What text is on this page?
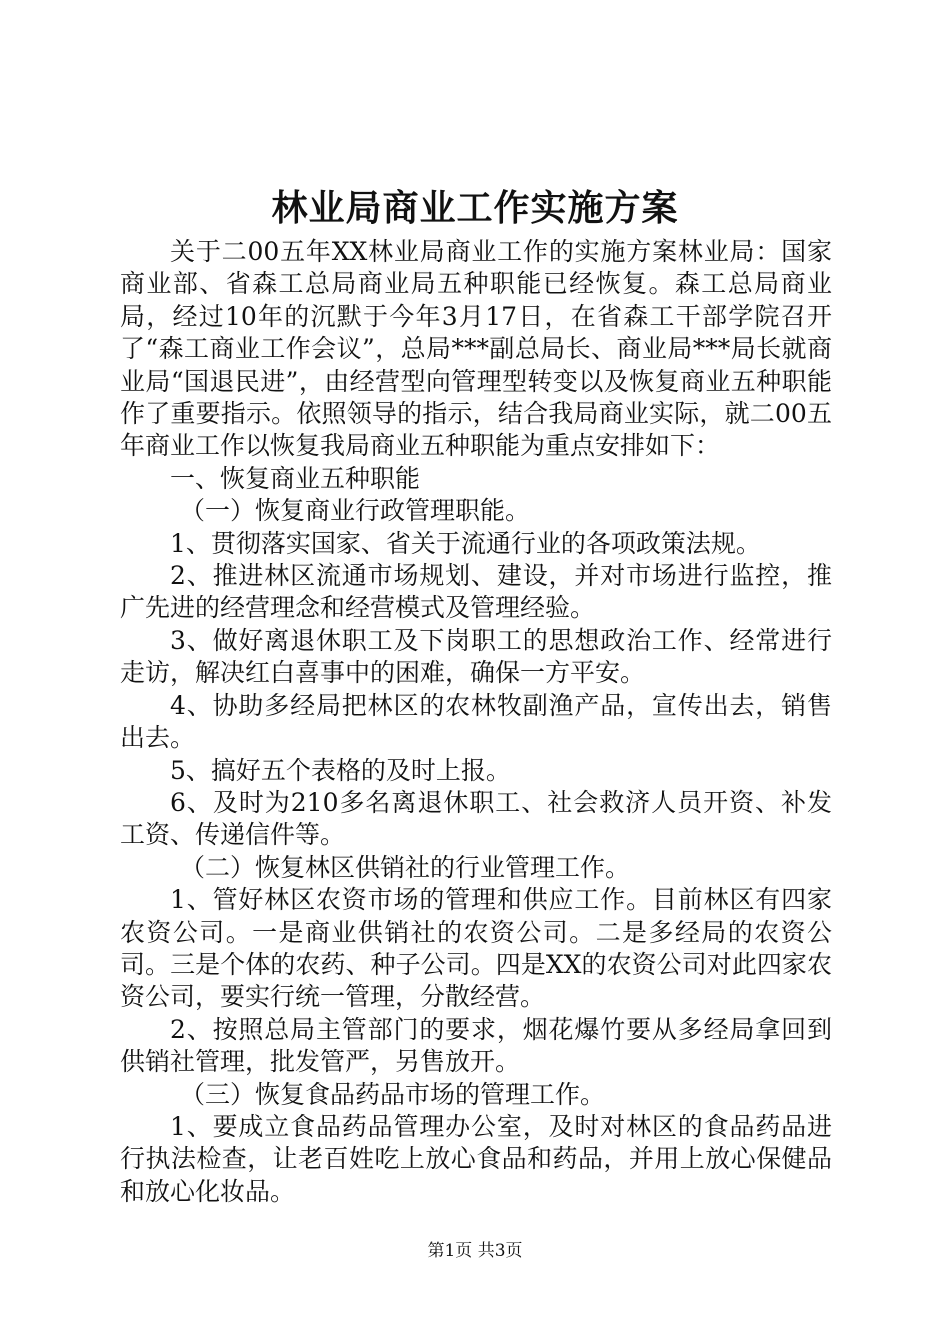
林业局商业工作实施方案

关于二00五年XX林业局商业工作的实施方案林业局：国家商业部、省森工总局商业局五种职能已经恢复。森工总局商业局，经过10年的沉默于今年3月17日，在省森工干部学院召开了“森工商业工作会议”，总局***副总局长、商业局***局长就商业局“国退民进”，由经营型向管理型转变以及恢复商业五种职能作了重要指示。依照领导的指示，结合我局商业实际，就二00五年商业工作以恢复我局商业五种职能为重点安排如下：

一、恢复商业五种职能

（一）恢复商业行政管理职能。

1、贯彻落实国家、省关于流通行业的各项政策法规。

2、推进林区流通市场规划、建设，并对市场进行监控，推广先进的经营理念和经营模式及管理经验。

3、做好离退休职工及下岗职工的思想政治工作、经常进行走访，解决红白喜事中的困难，确保一方平安。

4、协助多经局把林区的农林牧副渔产品，宣传出去，销售出去。

5、搞好五个表格的及时上报。

6、及时为210多名离退休职工、社会救济人员开资、补发工资、传递信件等。

（二）恢复林区供销社的行业管理工作。

1、管好林区农资市场的管理和供应工作。目前林区有四家农资公司。一是商业供销社的农资公司。二是多经局的农资公司。三是个体的农药、种子公司。四是XX的农资公司对此四家农资公司，要实行统一管理，分散经营。

2、按照总局主管部门的要求，烟花爆竹要从多经局拿回到供销社管理，批发管严，另售放开。

（三）恢复食品药品市场的管理工作。

1、要成立食品药品管理办公室，及时对林区的食品药品进行执法检查，让老百姓吃上放心食品和药品，并用上放心保健品和放心化妆品。

第1页 共3页
